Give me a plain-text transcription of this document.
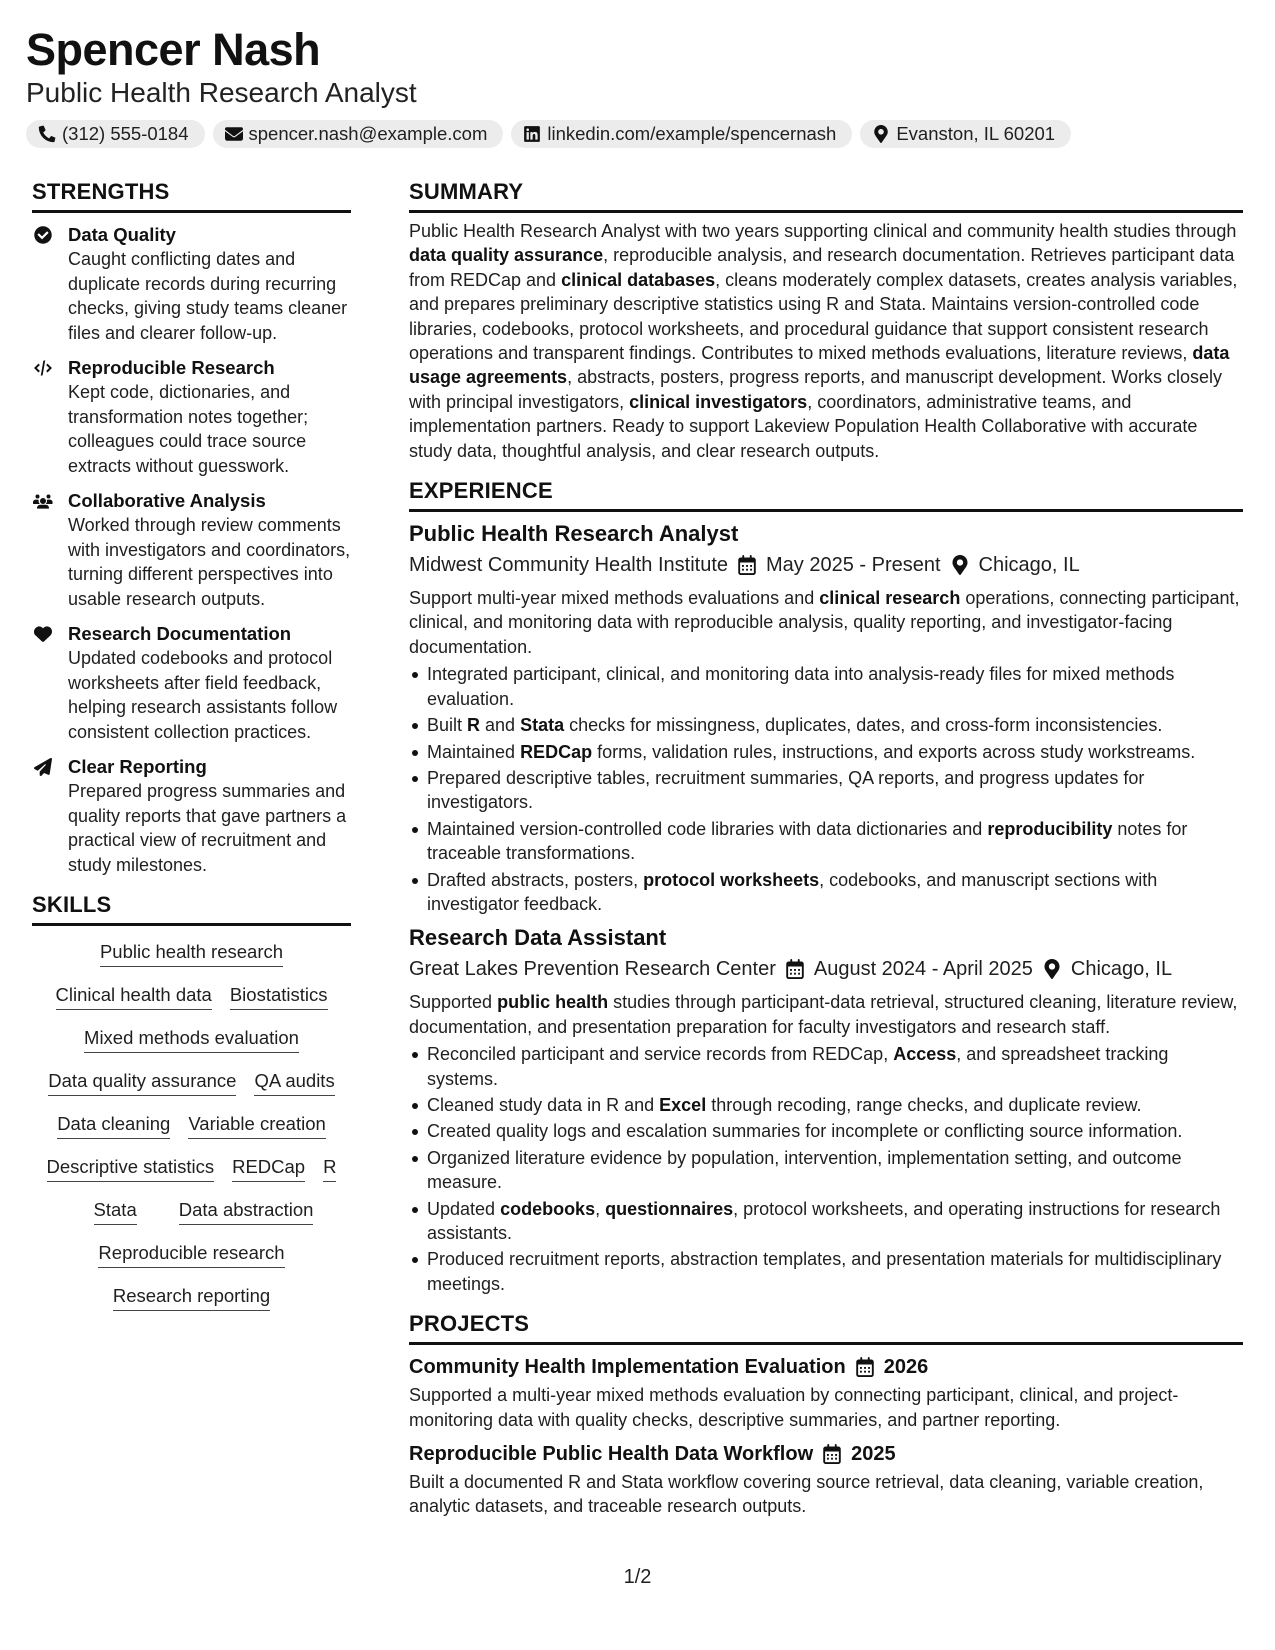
Spencer Nash
Public Health Research Analyst
(312) 555-0184	spencer.nash@example.com	linkedin.com/example/spencernash	Evanston, IL 60201
STRENGTHS
Data Quality
Caught conflicting dates and duplicate records during recurring checks, giving study teams cleaner files and clearer follow-up.
Reproducible Research
Kept code, dictionaries, and transformation notes together; colleagues could trace source extracts without guesswork.
Collaborative Analysis
Worked through review comments with investigators and coordinators, turning different perspectives into usable research outputs.
Research Documentation
Updated codebooks and protocol worksheets after field feedback, helping research assistants follow consistent collection practices.
Clear Reporting
Prepared progress summaries and quality reports that gave partners a practical view of recruitment and study milestones.
SKILLS
Public health research
Clinical health data Biostatistics
Mixed methods evaluation
Data quality assurance QA audits
Data cleaning Variable creation
Descriptive statistics REDCap R
Stata Data abstraction
Reproducible research
Research reporting
SUMMARY
Public Health Research Analyst with two years supporting clinical and community health studies through data quality assurance, reproducible analysis, and research documentation. Retrieves participant data from REDCap and clinical databases, cleans moderately complex datasets, creates analysis variables, and prepares preliminary descriptive statistics using R and Stata. Maintains version-controlled code libraries, codebooks, protocol worksheets, and procedural guidance that support consistent research operations and transparent findings. Contributes to mixed methods evaluations, literature reviews, data usage agreements, abstracts, posters, progress reports, and manuscript development. Works closely with principal investigators, clinical investigators, coordinators, administrative teams, and implementation partners. Ready to support Lakeview Population Health Collaborative with accurate study data, thoughtful analysis, and clear research outputs.
EXPERIENCE
Public Health Research Analyst
Midwest Community Health Institute May 2025 - Present Chicago, IL
Support multi-year mixed methods evaluations and clinical research operations, connecting participant, clinical, and monitoring data with reproducible analysis, quality reporting, and investigator-facing documentation.
Integrated participant, clinical, and monitoring data into analysis-ready files for mixed methods evaluation.
Built R and Stata checks for missingness, duplicates, dates, and cross-form inconsistencies.
Maintained REDCap forms, validation rules, instructions, and exports across study workstreams.
Prepared descriptive tables, recruitment summaries, QA reports, and progress updates for investigators.
Maintained version-controlled code libraries with data dictionaries and reproducibility notes for traceable transformations.
Drafted abstracts, posters, protocol worksheets, codebooks, and manuscript sections with investigator feedback.
Research Data Assistant
Great Lakes Prevention Research Center August 2024 - April 2025 Chicago, IL
Supported public health studies through participant-data retrieval, structured cleaning, literature review, documentation, and presentation preparation for faculty investigators and research staff.
Reconciled participant and service records from REDCap, Access, and spreadsheet tracking systems.
Cleaned study data in R and Excel through recoding, range checks, and duplicate review.
Created quality logs and escalation summaries for incomplete or conflicting source information.
Organized literature evidence by population, intervention, implementation setting, and outcome measure.
Updated codebooks, questionnaires, protocol worksheets, and operating instructions for research assistants.
Produced recruitment reports, abstraction templates, and presentation materials for multidisciplinary meetings.
PROJECTS
Community Health Implementation Evaluation 2026
Supported a multi-year mixed methods evaluation by connecting participant, clinical, and project-monitoring data with quality checks, descriptive summaries, and partner reporting.
Reproducible Public Health Data Workflow 2025
Built a documented R and Stata workflow covering source retrieval, data cleaning, variable creation, analytic datasets, and traceable research outputs.
1/2
